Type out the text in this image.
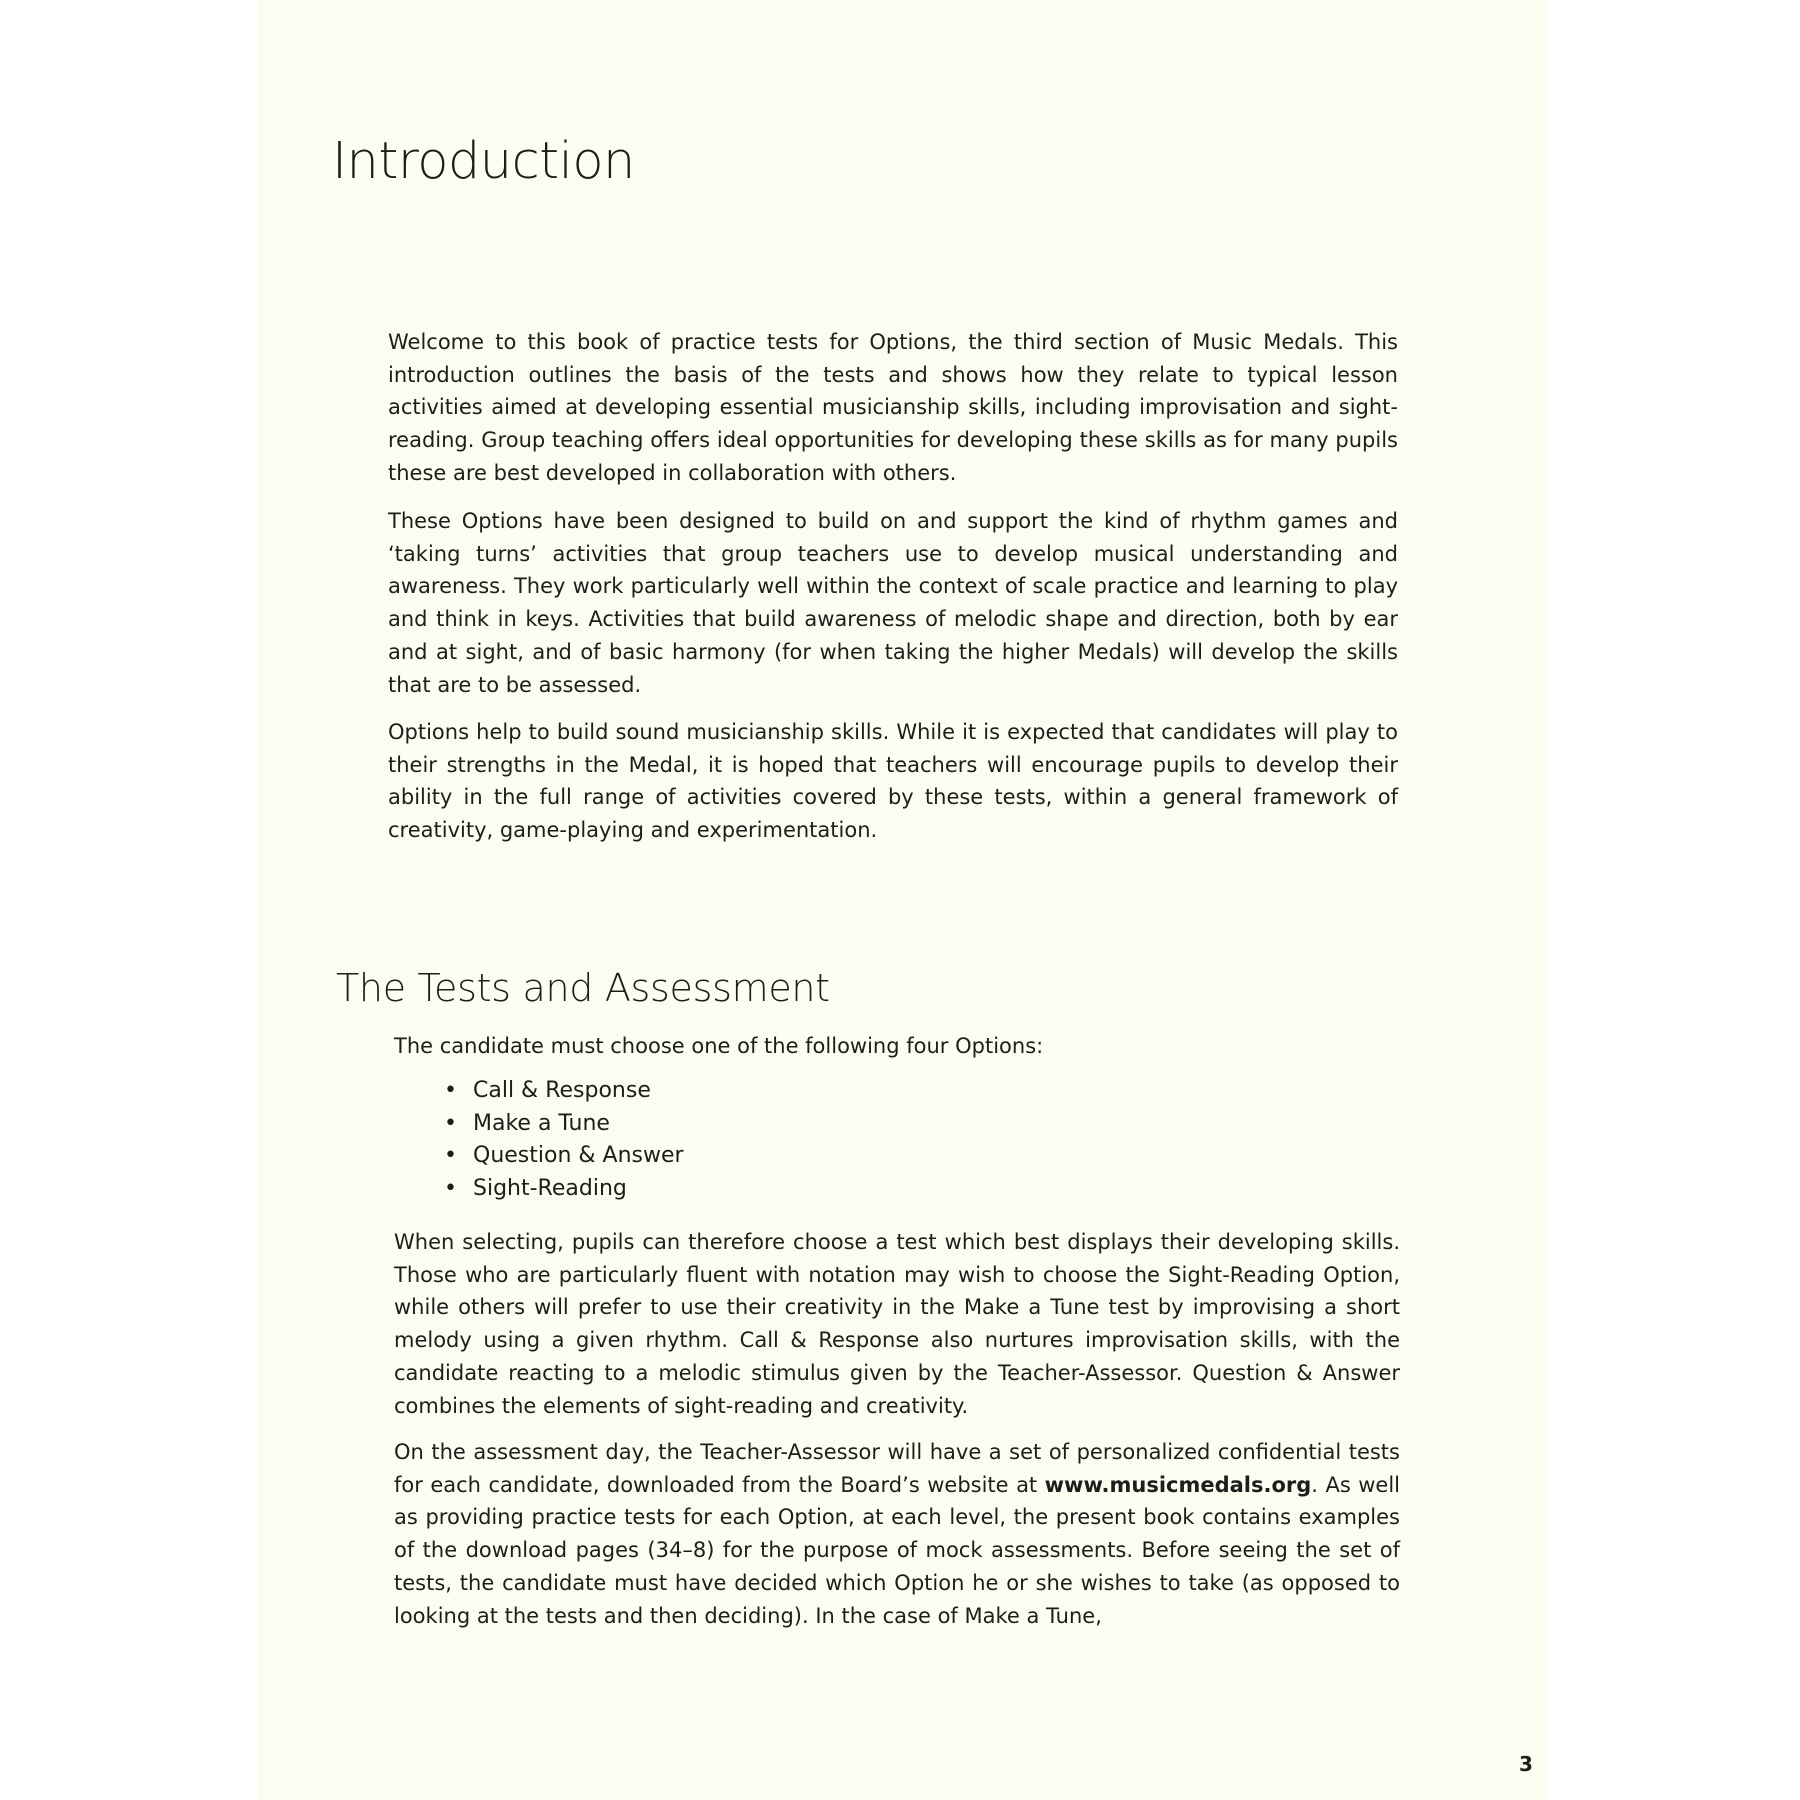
Introduction

Welcome to this book of practice tests for Options, the third section of Music Medals. This introduction outlines the basis of the tests and shows how they relate to typical lesson activities aimed at developing essential musicianship skills, including improvisation and sight-reading. Group teaching offers ideal opportunities for developing these skills as for many pupils these are best developed in collaboration with others.

These Options have been designed to build on and support the kind of rhythm games and ‘taking turns’ activities that group teachers use to develop musical understanding and awareness. They work particularly well within the context of scale practice and learning to play and think in keys. Activities that build awareness of melodic shape and direction, both by ear and at sight, and of basic harmony (for when taking the higher Medals) will develop the skills that are to be assessed.

Options help to build sound musicianship skills. While it is expected that candidates will play to their strengths in the Medal, it is hoped that teachers will encourage pupils to develop their ability in the full range of activities covered by these tests, within a general framework of creativity, game-playing and experimentation.

The Tests and Assessment

The candidate must choose one of the following four Options:

• Call & Response
• Make a Tune
• Question & Answer
• Sight-Reading

When selecting, pupils can therefore choose a test which best displays their developing skills. Those who are particularly fluent with notation may wish to choose the Sight-Reading Option, while others will prefer to use their creativity in the Make a Tune test by improvising a short melody using a given rhythm. Call & Response also nurtures improvisation skills, with the candidate reacting to a melodic stimulus given by the Teacher-Assessor. Question & Answer combines the elements of sight-reading and creativity.

On the assessment day, the Teacher-Assessor will have a set of personalized confidential tests for each candidate, downloaded from the Board’s website at www.musicmedals.org. As well as providing practice tests for each Option, at each level, the present book contains examples of the download pages (34–8) for the purpose of mock assessments. Before seeing the set of tests, the candidate must have decided which Option he or she wishes to take (as opposed to looking at the tests and then deciding). In the case of Make a Tune,

3
